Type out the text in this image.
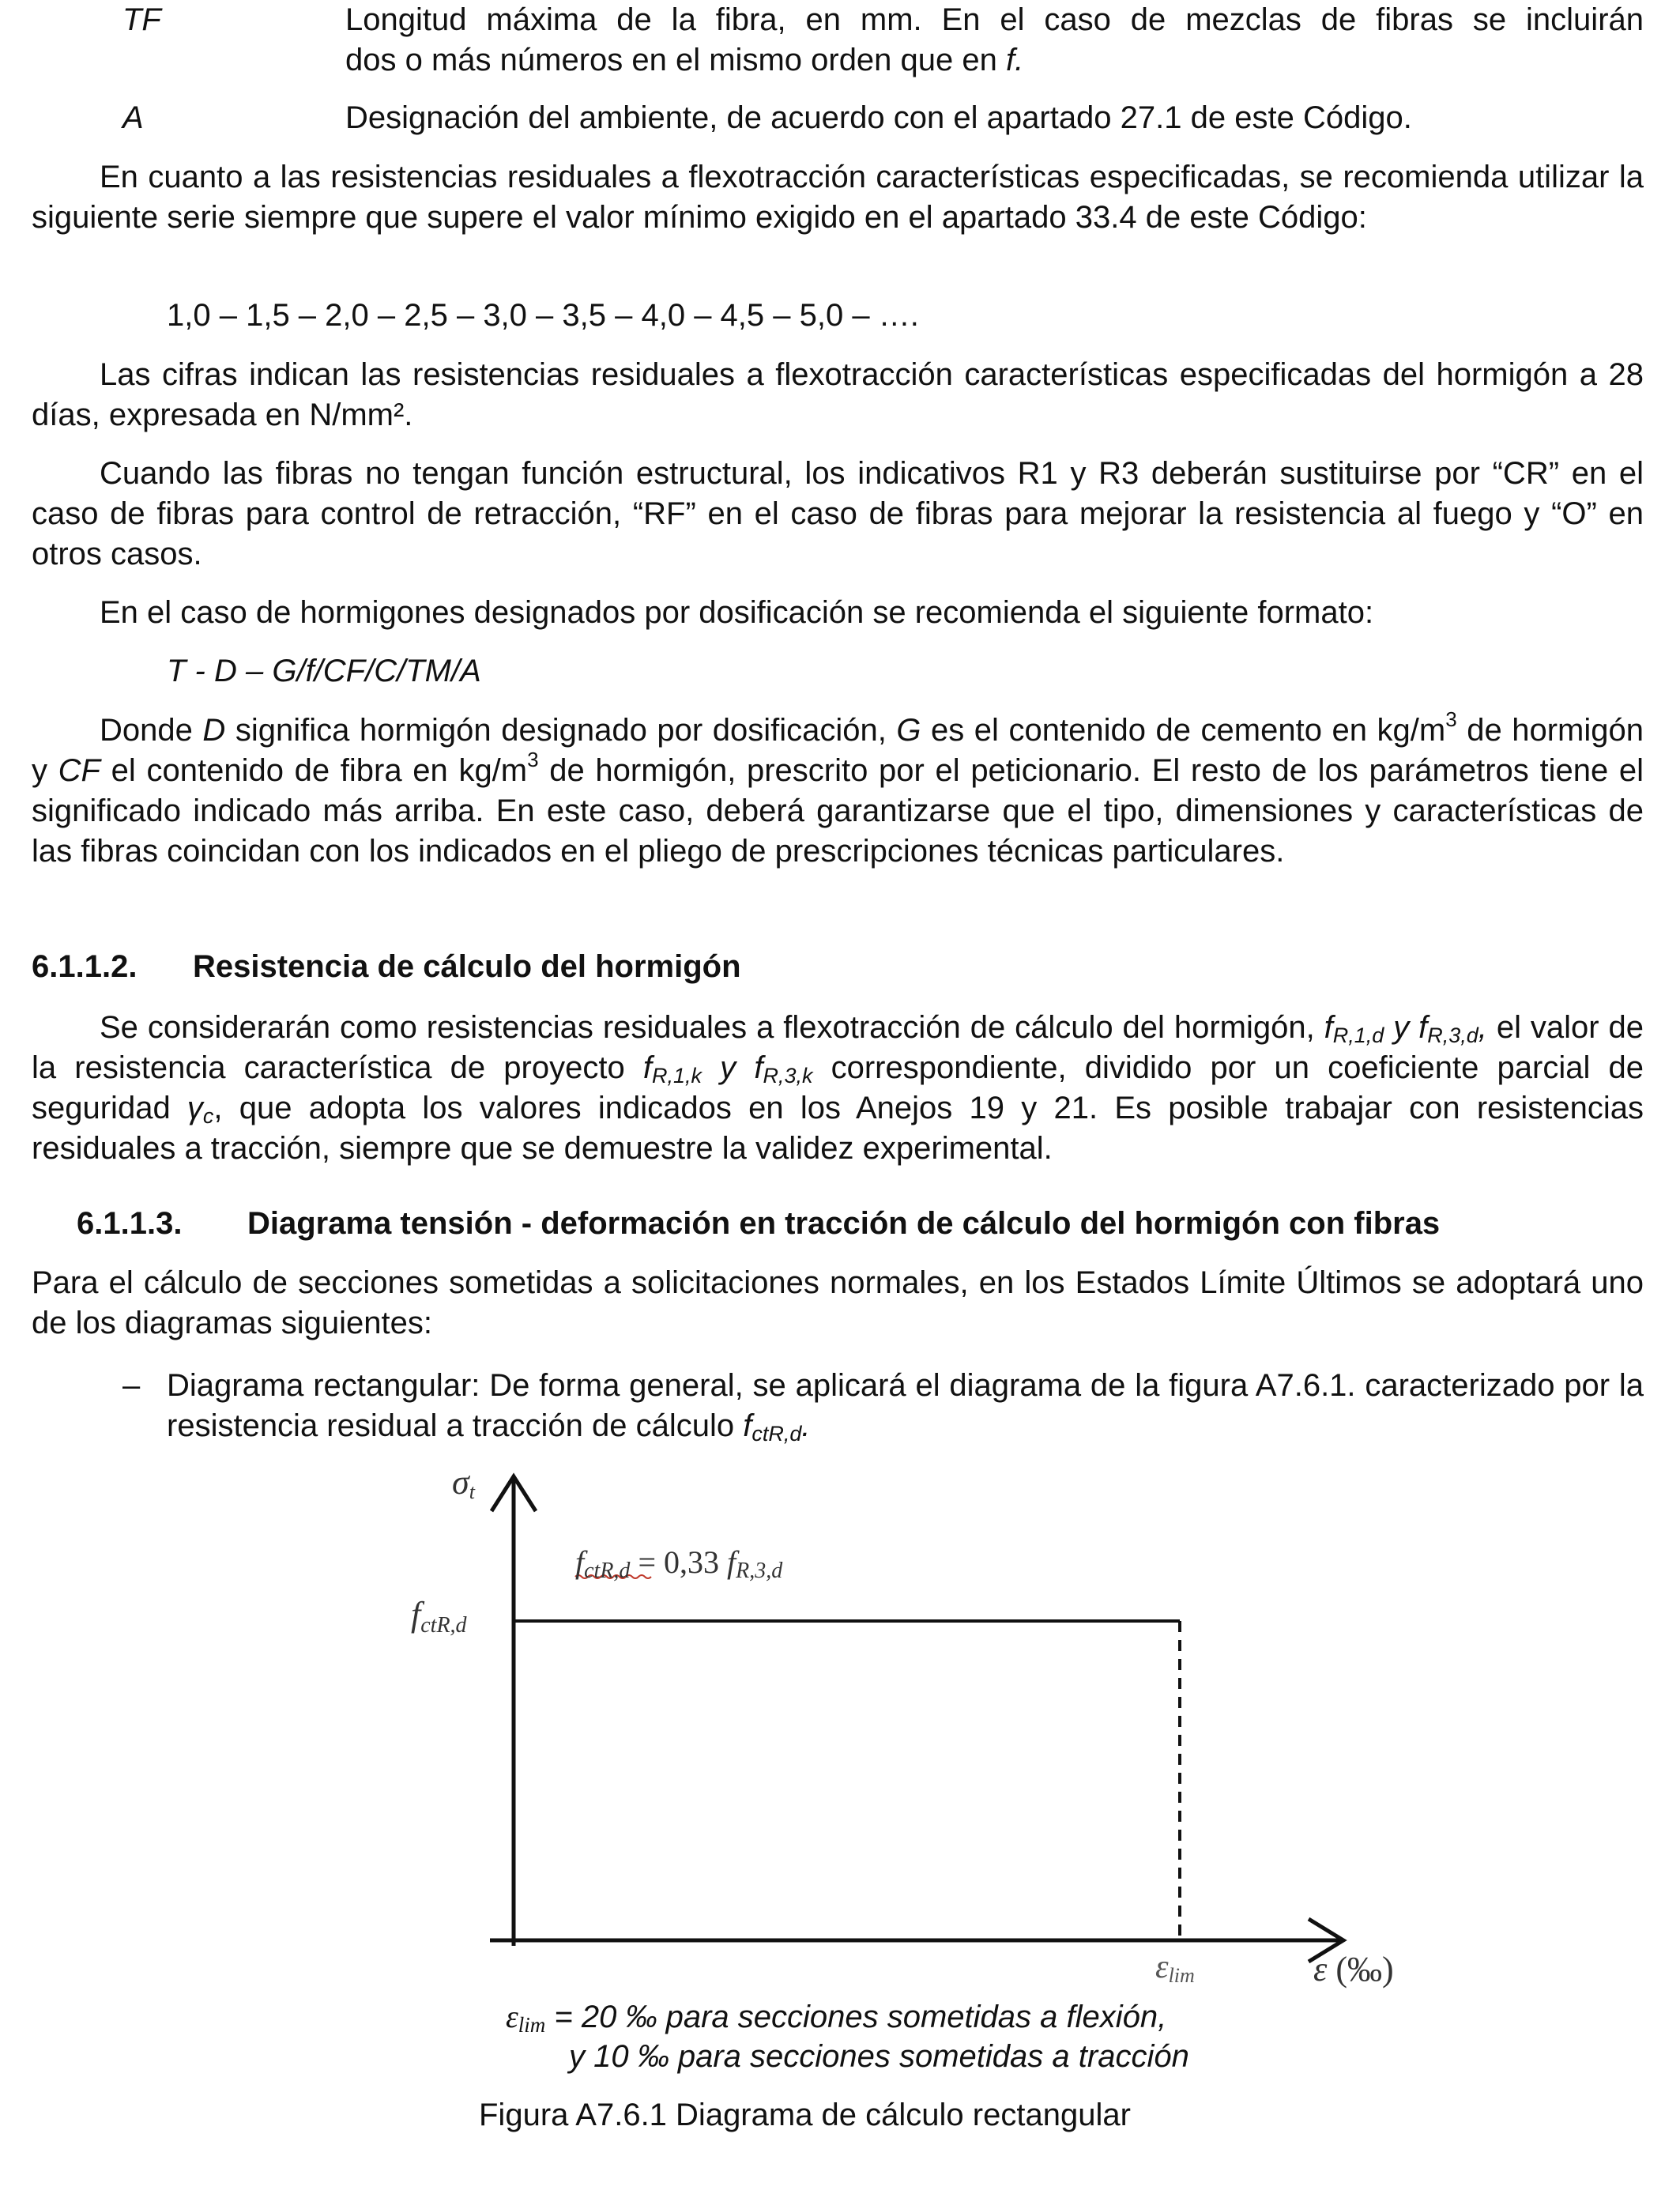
TF	Longitud máxima de la fibra, en mm. En el caso de mezclas de fibras se incluirán
dos o más números en el mismo orden que en f.
A	Designación del ambiente, de acuerdo con el apartado 27.1 de este Código.

En cuanto a las resistencias residuales a flexotracción características especificadas, se recomienda utilizar la siguiente serie siempre que supere el valor mínimo exigido en el apartado 33.4 de este Código:

1,0 – 1,5 – 2,0 – 2,5 – 3,0 – 3,5 – 4,0 – 4,5 – 5,0 – ….

Las cifras indican las resistencias residuales a flexotracción características especificadas del hormigón a 28 días, expresada en N/mm².

Cuando las fibras no tengan función estructural, los indicativos R1 y R3 deberán sustituirse por “CR” en el caso de fibras para control de retracción, “RF” en el caso de fibras para mejorar la resistencia al fuego y “O” en otros casos.

En el caso de hormigones designados por dosificación se recomienda el siguiente formato:
T - D – G/f/CF/C/TM/A

Donde D significa hormigón designado por dosificación, G es el contenido de cemento en $kg/m^3$ de hormigón y CF el contenido de fibra en $kg/m^3$ de hormigón, prescrito por el peticionario. El resto de los parámetros tiene el significado indicado más arriba. En este caso, deberá garantizarse que el tipo, dimensiones y características de las fibras coincidan con los indicados en el pliego de prescripciones técnicas particulares.

6.1.1.2. Resistencia de cálculo del hormigón

Se considerarán como resistencias residuales a flexotracción de cálculo del hormigón, $f_{R,1,d}$ y $f_{R,3,d}$, el valor de la resistencia característica de proyecto $f_{R,1,k}$ y $f_{R,3,k}$ correspondiente, dividido por un coeficiente parcial de seguridad $\gamma_c$, que adopta los valores indicados en los Anejos 19 y 21. Es posible trabajar con resistencias residuales a tracción, siempre que se demuestre la validez experimental.

6.1.1.3. Diagrama tensión - deformación en tracción de cálculo del hormigón con fibras

Para el cálculo de secciones sometidas a solicitaciones normales, en los Estados Límite Últimos se adoptará uno de los diagramas siguientes:

– Diagrama rectangular: De forma general, se aplicará el diagrama de la figura A7.6.1. caracterizado por la resistencia residual a tracción de cálculo $f_{ctR,d}$.

σt
fctR,d
fctR,d = 0,33 fR,3,d
εlim	ε (‰)
$\varepsilon_{lim} = 20$ ‰ para secciones sometidas a flexión,
y 10 ‰ para secciones sometidas a tracción
Figura A7.6.1 Diagrama de cálculo rectangular
